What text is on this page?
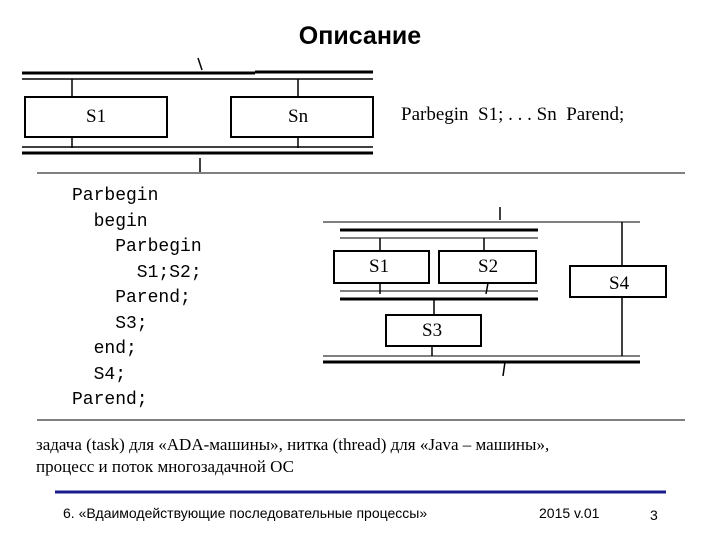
Описание
S1	Sn	Parbegin  S1; . . . Sn  Parend;
Parbegin
begin
Parbegin
S1;S2;
Parend;
S3;
end;
S4;
Parend;
S1	S2
S3
S4
задача (task) для «ADA-машины», нитка (thread) для «Java – машины»,
процесс и поток многозадачной ОС
6. «Вдаимодействующие последовательные процессы»	2015 v.01	3
